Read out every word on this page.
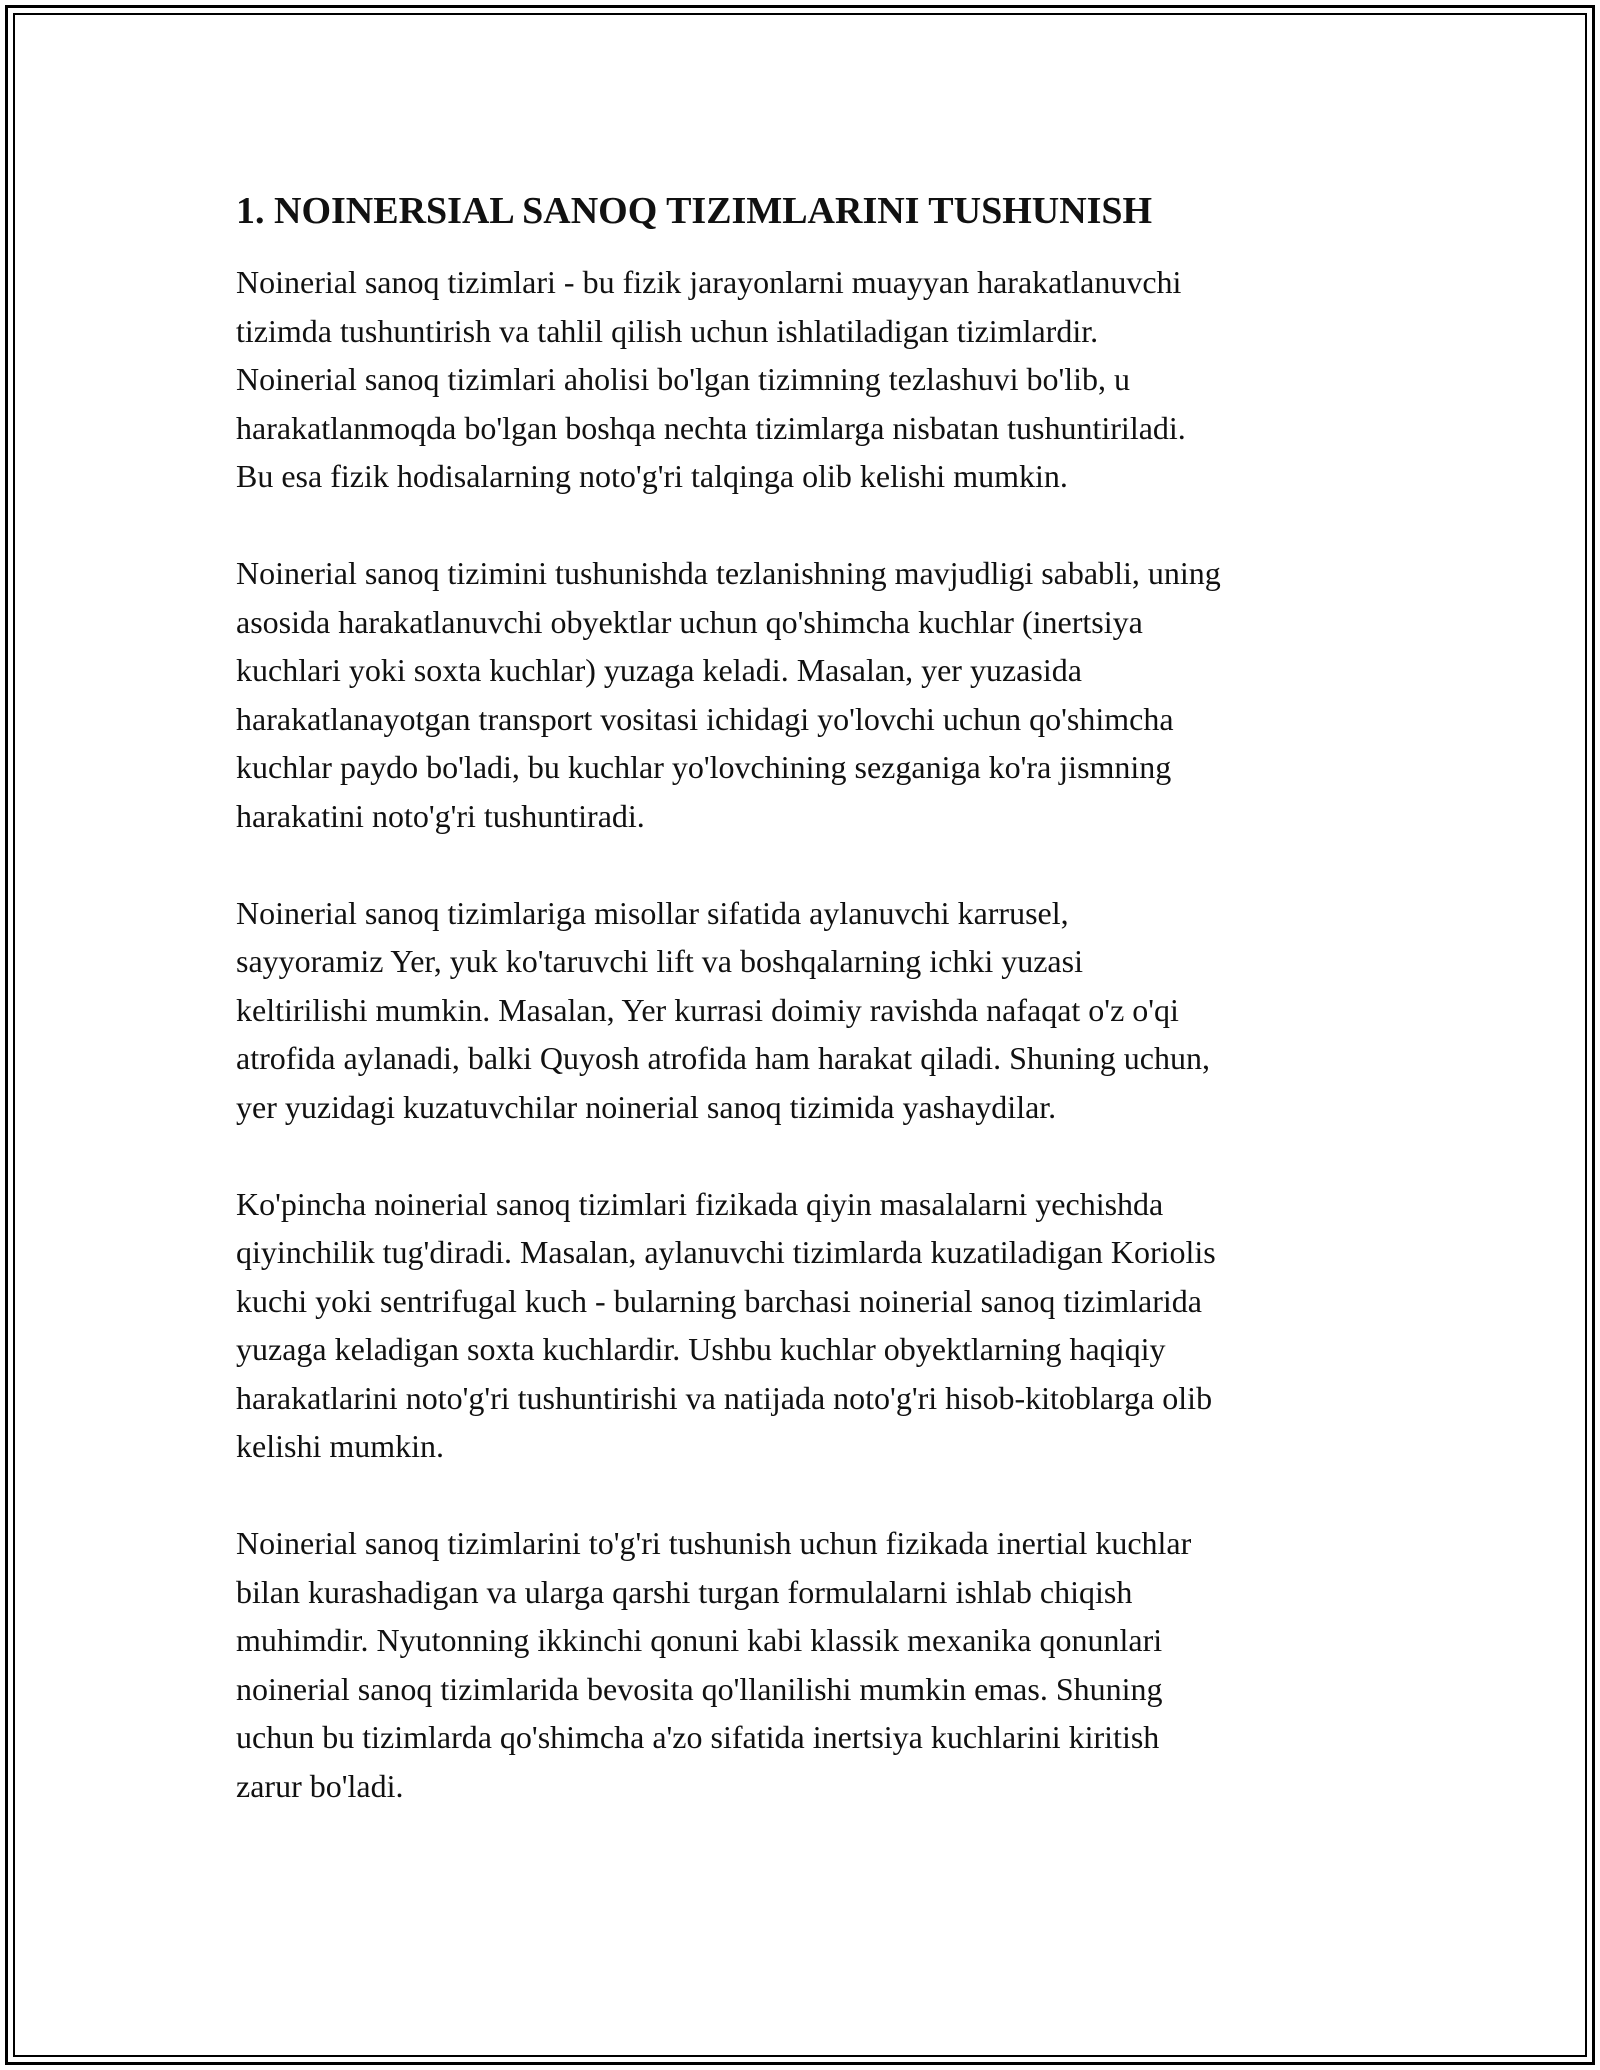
1. NOINERSIAL SANOQ TIZIMLARINI TUSHUNISH

Noinerial sanoq tizimlari - bu fizik jarayonlarni muayyan harakatlanuvchi
tizimda tushuntirish va tahlil qilish uchun ishlatiladigan tizimlardir.
Noinerial sanoq tizimlari aholisi bo'lgan tizimning tezlashuvi bo'lib, u
harakatlanmoqda bo'lgan boshqa nechta tizimlarga nisbatan tushuntiriladi.
Bu esa fizik hodisalarning noto'g'ri talqinga olib kelishi mumkin.

Noinerial sanoq tizimini tushunishda tezlanishning mavjudligi sababli, uning
asosida harakatlanuvchi obyektlar uchun qo'shimcha kuchlar (inertsiya
kuchlari yoki soxta kuchlar) yuzaga keladi. Masalan, yer yuzasida
harakatlanayotgan transport vositasi ichidagi yo'lovchi uchun qo'shimcha
kuchlar paydo bo'ladi, bu kuchlar yo'lovchining sezganiga ko'ra jismning
harakatini noto'g'ri tushuntiradi.

Noinerial sanoq tizimlariga misollar sifatida aylanuvchi karrusel,
sayyoramiz Yer, yuk ko'taruvchi lift va boshqalarning ichki yuzasi
keltirilishi mumkin. Masalan, Yer kurrasi doimiy ravishda nafaqat o'z o'qi
atrofida aylanadi, balki Quyosh atrofida ham harakat qiladi. Shuning uchun,
yer yuzidagi kuzatuvchilar noinerial sanoq tizimida yashaydilar.

Ko'pincha noinerial sanoq tizimlari fizikada qiyin masalalarni yechishda
qiyinchilik tug'diradi. Masalan, aylanuvchi tizimlarda kuzatiladigan Koriolis
kuchi yoki sentrifugal kuch - bularning barchasi noinerial sanoq tizimlarida
yuzaga keladigan soxta kuchlardir. Ushbu kuchlar obyektlarning haqiqiy
harakatlarini noto'g'ri tushuntirishi va natijada noto'g'ri hisob-kitoblarga olib
kelishi mumkin.

Noinerial sanoq tizimlarini to'g'ri tushunish uchun fizikada inertial kuchlar
bilan kurashadigan va ularga qarshi turgan formulalarni ishlab chiqish
muhimdir. Nyutonning ikkinchi qonuni kabi klassik mexanika qonunlari
noinerial sanoq tizimlarida bevosita qo'llanilishi mumkin emas. Shuning
uchun bu tizimlarda qo'shimcha a'zo sifatida inertsiya kuchlarini kiritish
zarur bo'ladi.
